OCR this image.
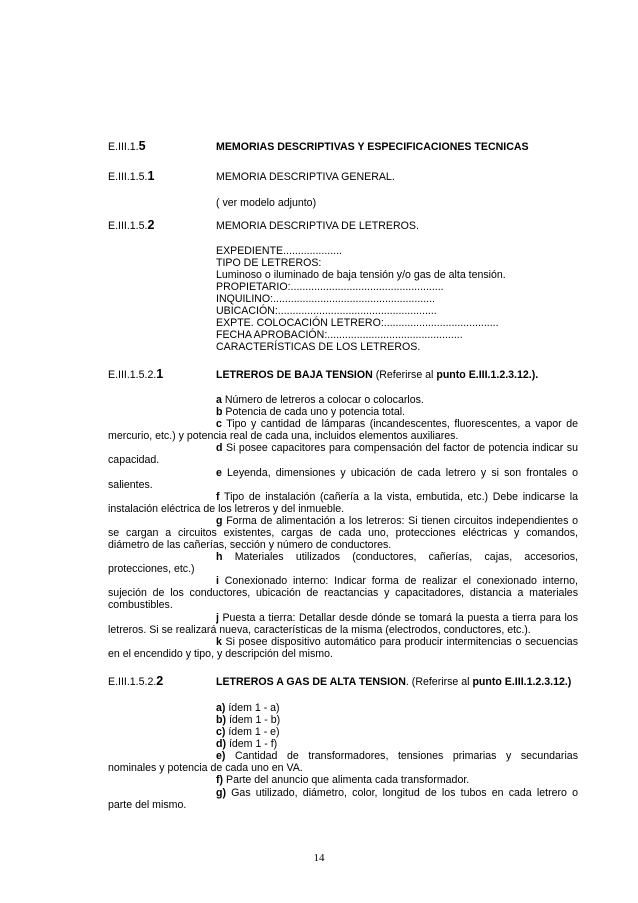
E.III.1.5	MEMORIAS DESCRIPTIVAS Y ESPECIFICACIONES TECNICAS
E.III.1.5.1	MEMORIA DESCRIPTIVA GENERAL.
( ver modelo adjunto)
E.III.1.5.2	MEMORIA DESCRIPTIVA DE LETREROS.
EXPEDIENTE....................
TIPO DE LETREROS:
Luminoso o iluminado de baja tensión y/o gas de alta tensión.
PROPIETARIO:....................................................
INQUILINO:.......................................................
UBICACIÓN:......................................................
EXPTE. COLOCACIÓN LETRERO:.......................................
FECHA APROBACIÓN:..............................................
CARACTERÍSTICAS DE LOS LETREROS.
E.III.1.5.2.1	LETREROS DE BAJA TENSION (Referirse al punto E.III.1.2.3.12.).
a Número de letreros a colocar o colocarlos.
b Potencia de cada uno y potencia total.
c Tipo y cantidad de lámparas (incandescentes, fluorescentes, a vapor de
mercurio, etc.) y potencia real de cada una, incluidos elementos auxiliares.
d Si posee capacitores para compensación del factor de potencia indicar su
capacidad.
e Leyenda, dimensiones y ubicación de cada letrero y si son frontales o
salientes.
f Tipo de instalación (cañería a la vista, embutida, etc.) Debe indicarse la
instalación eléctrica de los letreros y del inmueble.
g Forma de alimentación a los letreros: Si tienen circuitos independientes o
se cargan a circuitos existentes, cargas de cada uno, protecciones eléctricas y comandos,
diámetro de las cañerías, sección y número de conductores.
h Materiales utilizados (conductores, cañerías, cajas, accesorios,
protecciones, etc.)
i Conexionado interno: Indicar forma de realizar el conexionado interno,
sujeción de los conductores, ubicación de reactancias y capacitadores, distancia a materiales
combustibles.
j Puesta a tierra: Detallar desde dónde se tomará la puesta a tierra para los
letreros. Si se realizará nueva, características de la misma (electrodos, conductores, etc.).
k Si posee dispositivo automático para producir intermitencias o secuencias
en el encendido y tipo, y descripción del mismo.
E.III.1.5.2.2	LETREROS A GAS DE ALTA TENSION. (Referirse al punto E.III.1.2.3.12.)
a) ídem 1 - a)
b) ídem 1 - b)
c) ídem 1 - e)
d) ídem 1 - f)
e) Cantidad de transformadores, tensiones primarias y secundarias
nominales y potencia de cada uno en VA.
f) Parte del anuncio que alimenta cada transformador.
g) Gas utilizado, diámetro, color, longitud de los tubos en cada letrero o
parte del mismo.
14
